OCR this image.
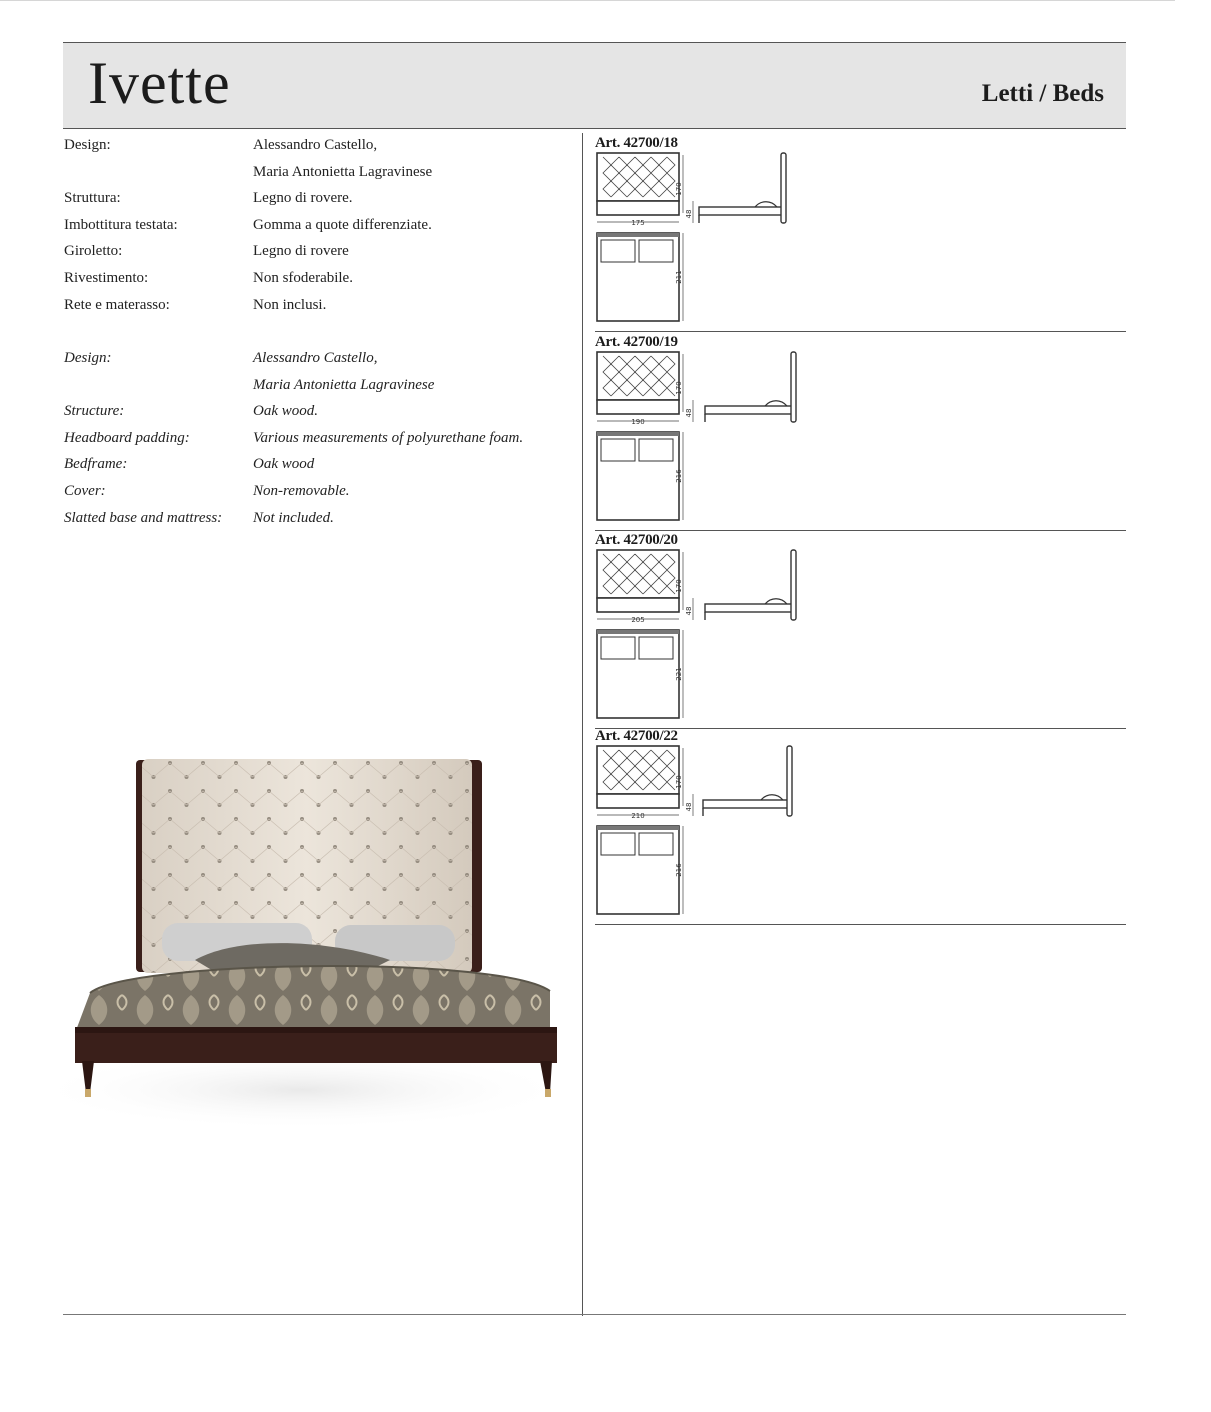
Ivette	Letti / Beds
Design:	Alessandro Castello,
Maria Antonietta Lagravinese
Struttura:	Legno di rovere.
Imbottitura testata:	Gomma a quote differenziate.
Giroletto:	Legno di rovere
Rivestimento:	Non sfoderabile.
Rete e materasso:	Non inclusi.
Design:	Alessandro Castello,
Maria Antonietta Lagravinese
Structure:	Oak wood.
Headboard padding:	Various measurements of polyurethane foam.
Bedframe:	Oak wood
Cover:	Non-removable.
Slatted base and mattress:	Not included.
Art. 42700/18
175
170
48
211
Art. 42700/19
190
170
48
216
Art. 42700/20
205
170
48
221
Art. 42700/22
210
170
48
216
